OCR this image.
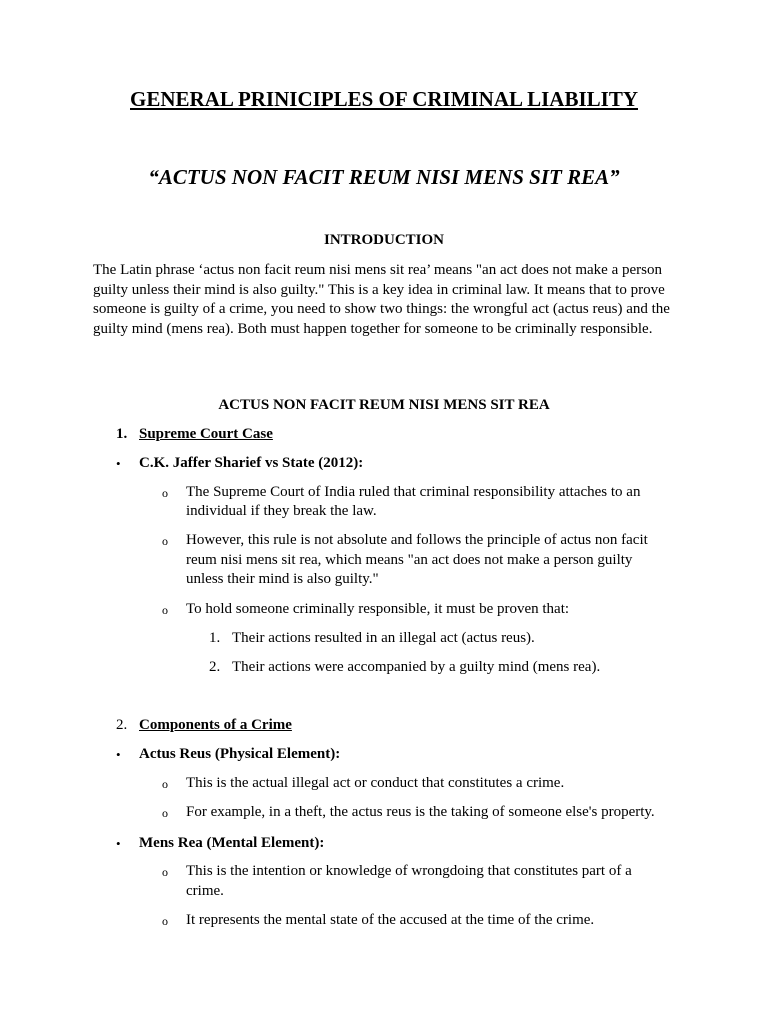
GENERAL PRINICIPLES OF CRIMINAL LIABILITY
“ACTUS NON FACIT REUM NISI MENS SIT REA”
INTRODUCTION
The Latin phrase ‘actus non facit reum nisi mens sit rea’ means "an act does not make a person guilty unless their mind is also guilty." This is a key idea in criminal law. It means that to prove someone is guilty of a crime, you need to show two things: the wrongful act (actus reus) and the guilty mind (mens rea). Both must happen together for someone to be criminally responsible.
ACTUS NON FACIT REUM NISI MENS SIT REA
1. Supreme Court Case
• C.K. Jaffer Sharief vs State (2012):
o The Supreme Court of India ruled that criminal responsibility attaches to an
individual if they break the law.
o However, this rule is not absolute and follows the principle of actus non facit
reum nisi mens sit rea, which means "an act does not make a person guilty
unless their mind is also guilty."
o To hold someone criminally responsible, it must be proven that:
1. Their actions resulted in an illegal act (actus reus).
2. Their actions were accompanied by a guilty mind (mens rea).
2. Components of a Crime
• Actus Reus (Physical Element):
o This is the actual illegal act or conduct that constitutes a crime.
o For example, in a theft, the actus reus is the taking of someone else's property.
• Mens Rea (Mental Element):
o This is the intention or knowledge of wrongdoing that constitutes part of a
crime.
o It represents the mental state of the accused at the time of the crime.
